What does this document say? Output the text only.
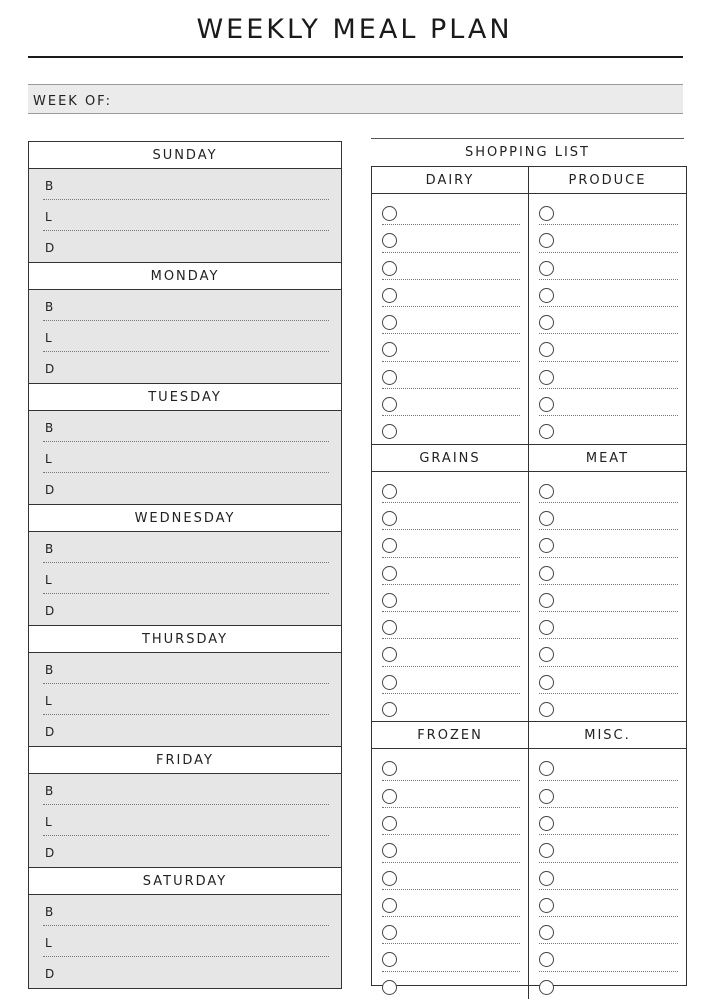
WEEKLY MEAL PLAN
WEEK OF:
SUNDAY
B
L
D
MONDAY
B
L
D
TUESDAY
B
L
D
WEDNESDAY
B
L
D
THURSDAY
B
L
D
FRIDAY
B
L
D
SATURDAY
B
L
D
SHOPPING LIST
DAIRY	PRODUCE
GRAINS	MEAT
FROZEN	MISC.
